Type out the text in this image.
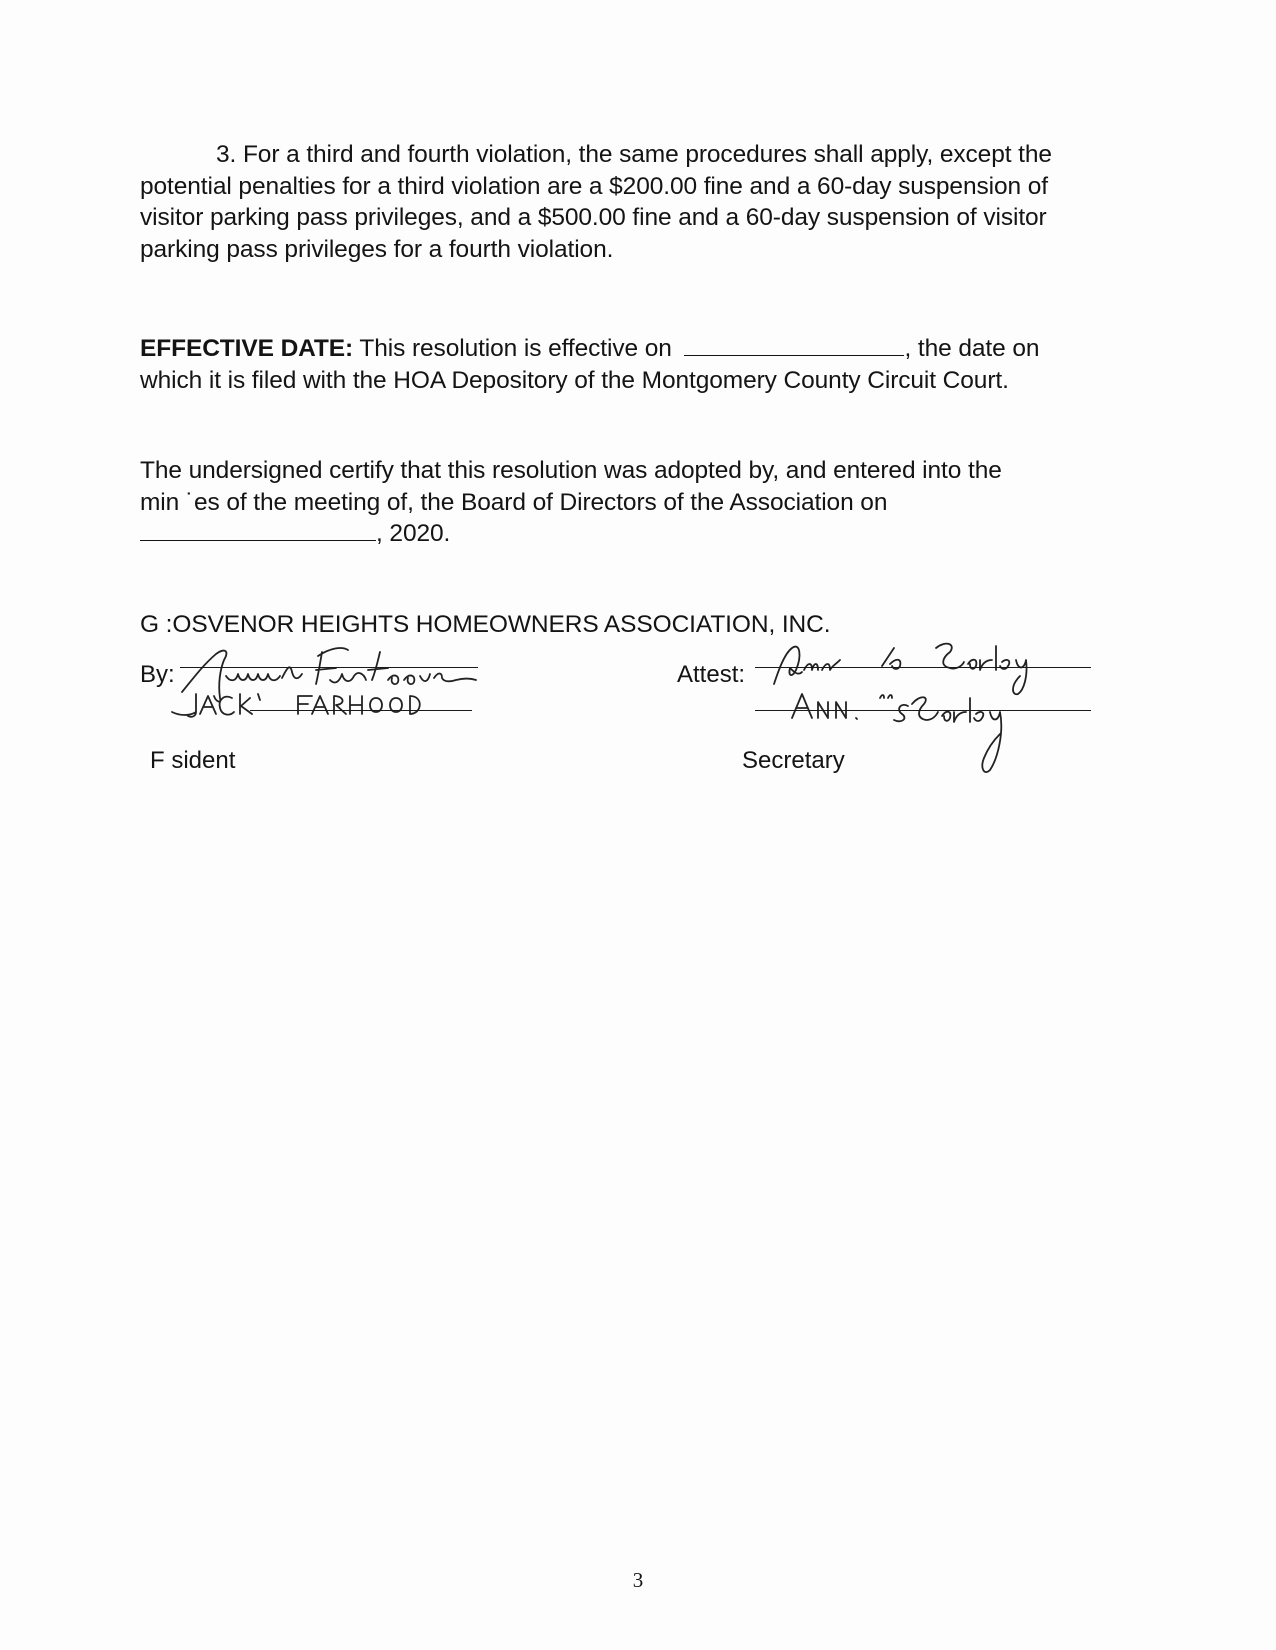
3. For a third and fourth violation, the same procedures shall apply, except the
potential penalties for a third violation are a $200.00 fine and a 60-day suspension of
visitor parking pass privileges, and a $500.00 fine and a 60-day suspension of visitor
parking pass privileges for a fourth violation.
EFFECTIVE DATE: This resolution is effective on	, the date on
which it is filed with the HOA Depository of the Montgomery County Circuit Court.
The undersigned certify that this resolution was adopted by, and entered into the
min ˙es of the meeting of, the Board of Directors of the Association on
, 2020.
G :OSVENOR HEIGHTS HOMEOWNERS ASSOCIATION, INC.
By:
F sident
Attest:
Secretary
3
